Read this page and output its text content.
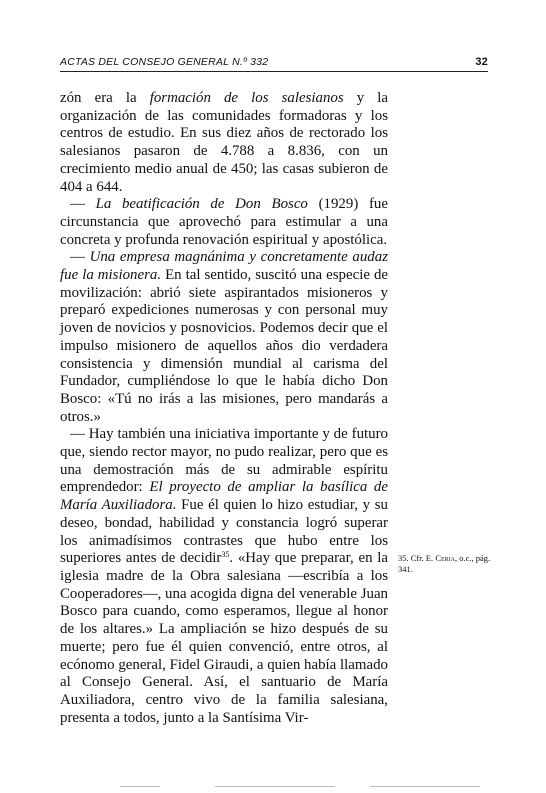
ACTAS DEL CONSEJO GENERAL N.º 332	32

zón era la formación de los salesianos y la organización de las comunidades formadoras y los centros de estudio. En sus diez años de rectorado los salesianos pasaron de 4.788 a 8.836, con un crecimiento medio anual de 450; las casas subieron de 404 a 644.

— La beatificación de Don Bosco (1929) fue circunstancia que aprovechó para estimular a una concreta y profunda renovación espiritual y apostólica.

— Una empresa magnánima y concretamente audaz fue la misionera. En tal sentido, suscitó una especie de movilización: abrió siete aspirantados misioneros y preparó expediciones numerosas y con personal muy joven de novicios y posnovicios. Podemos decir que el impulso misionero de aquellos años dio verdadera consistencia y dimensión mundial al carisma del Fundador, cumpliéndose lo que le había dicho Don Bosco: «Tú no irás a las misiones, pero mandarás a otros.»

— Hay también una iniciativa importante y de futuro que, siendo rector mayor, no pudo realizar, pero que es una demostración más de su admirable espíritu emprendedor: El proyecto de ampliar la basílica de María Auxiliadora. Fue él quien lo hizo estudiar, y su deseo, bondad, habilidad y constancia logró superar los animadísimos contrastes que hubo entre los superiores antes de decidir$^{35}$. «Hay que preparar, en la iglesia madre de la Obra salesiana —escribía a los Cooperadores—, una acogida digna del venerable Juan Bosco para cuando, como esperamos, llegue al honor de los altares.» La ampliación se hizo después de su muerte; pero fue él quien convenció, entre otros, al ecónomo general, Fidel Giraudi, a quien había llamado al Consejo General. Así, el santuario de María Auxiliadora, centro vivo de la familia salesiana, presenta a todos, junto a la Santísima Vir-

35. Cfr. E. Ceria, o.c., pág. 341.
